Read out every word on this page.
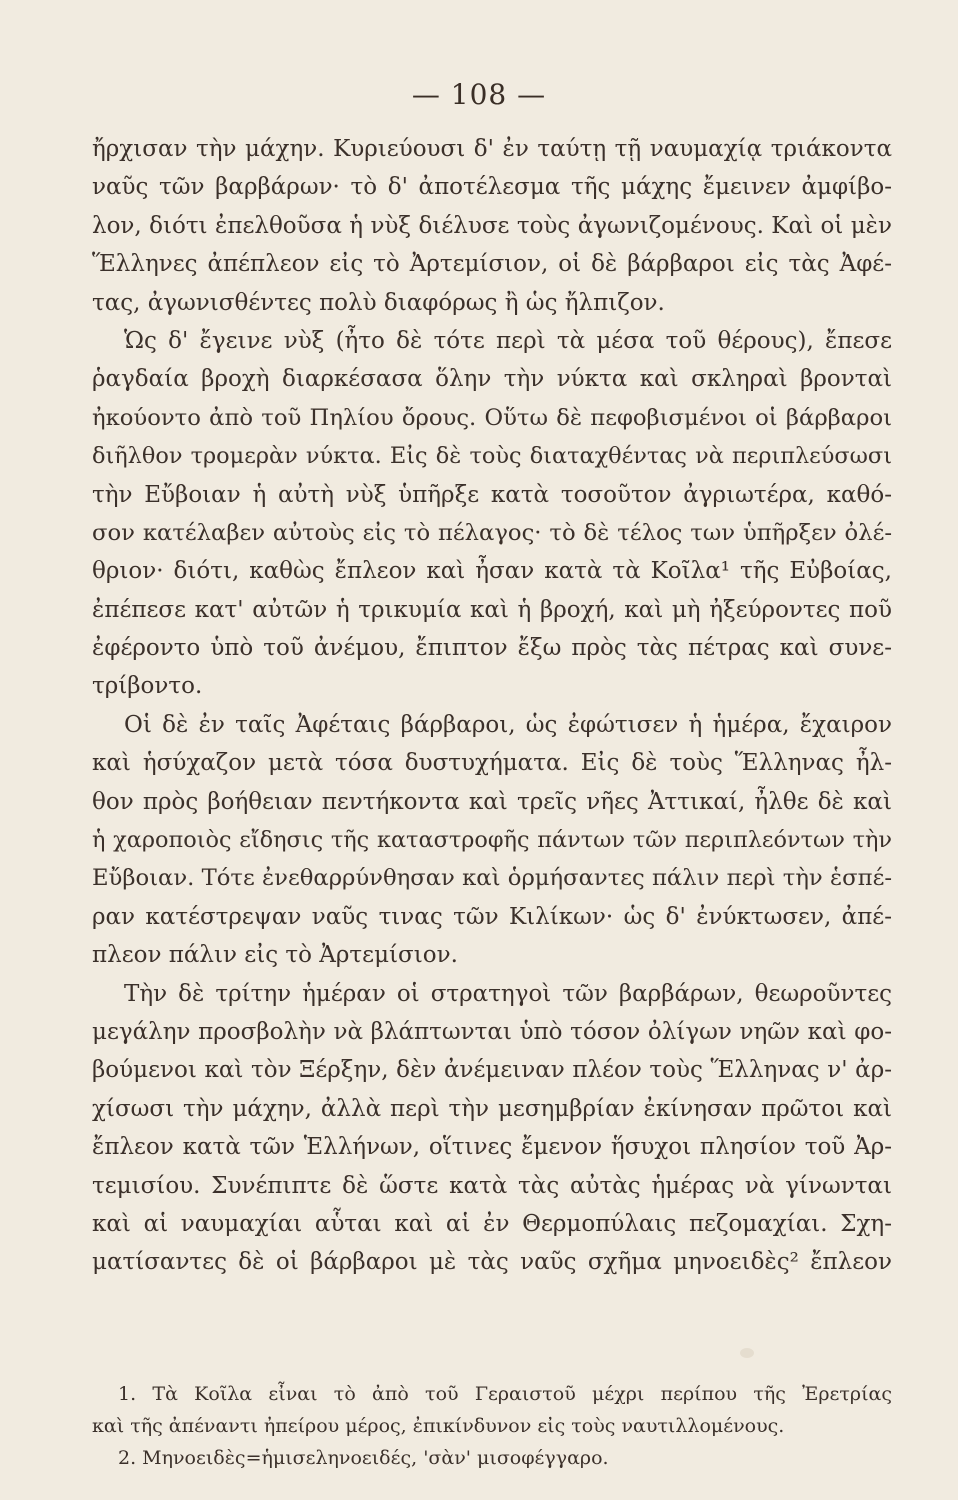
— 108 —
ἤρχισαν τὴν μάχην. Κυριεύουσι δ' ἐν ταύτῃ τῇ ναυμαχίᾳ τριάκοντα
ναῦς τῶν βαρβάρων· τὸ δ' ἀποτέλεσμα τῆς μάχης ἔμεινεν ἀμφίβο-
λον, διότι ἐπελθοῦσα ἡ νὺξ διέλυσε τοὺς ἀγωνιζομένους. Καὶ οἱ μὲν
Ἕλληνες ἀπέπλεον εἰς τὸ Ἀρτεμίσιον, οἱ δὲ βάρβαροι εἰς τὰς Ἀφέ-
τας, ἀγωνισθέντες πολὺ διαφόρως ἢ ὡς ἤλπιζον.
Ὡς δ' ἔγεινε νὺξ (ἦτο δὲ τότε περὶ τὰ μέσα τοῦ θέρους), ἔπεσε
ῥαγδαία βροχὴ διαρκέσασα ὅλην τὴν νύκτα καὶ σκληραὶ βρονταὶ
ἠκούοντο ἀπὸ τοῦ Πηλίου ὄρους. Οὕτω δὲ πεφοβισμένοι οἱ βάρβαροι
διῆλθον τρομερὰν νύκτα. Εἰς δὲ τοὺς διαταχθέντας νὰ περιπλεύσωσι
τὴν Εὔβοιαν ἡ αὐτὴ νὺξ ὑπῆρξε κατὰ τοσοῦτον ἀγριωτέρα, καθό-
σον κατέλαβεν αὐτοὺς εἰς τὸ πέλαγος· τὸ δὲ τέλος των ὑπῆρξεν ὀλέ-
θριον· διότι, καθὼς ἔπλεον καὶ ἦσαν κατὰ τὰ Κοῖλα¹ τῆς Εὐβοίας,
ἐπέπεσε κατ' αὐτῶν ἡ τρικυμία καὶ ἡ βροχή, καὶ μὴ ἠξεύροντες ποῦ
ἐφέροντο ὑπὸ τοῦ ἀνέμου, ἔπιπτον ἔξω πρὸς τὰς πέτρας καὶ συνε-
τρίβοντο.
Οἱ δὲ ἐν ταῖς Ἀφέταις βάρβαροι, ὡς ἐφώτισεν ἡ ἡμέρα, ἔχαιρον
καὶ ἡσύχαζον μετὰ τόσα δυστυχήματα. Εἰς δὲ τοὺς Ἕλληνας ἦλ-
θον πρὸς βοήθειαν πεντήκοντα καὶ τρεῖς νῆες Ἀττικαί, ἦλθε δὲ καὶ
ἡ χαροποιὸς εἴδησις τῆς καταστροφῆς πάντων τῶν περιπλεόντων τὴν
Εὔβοιαν. Τότε ἐνεθαρρύνθησαν καὶ ὁρμήσαντες πάλιν περὶ τὴν ἑσπέ-
ραν κατέστρεψαν ναῦς τινας τῶν Κιλίκων· ὡς δ' ἐνύκτωσεν, ἀπέ-
πλεον πάλιν εἰς τὸ Ἀρτεμίσιον.
Τὴν δὲ τρίτην ἡμέραν οἱ στρατηγοὶ τῶν βαρβάρων, θεωροῦντες
μεγάλην προσβολὴν νὰ βλάπτωνται ὑπὸ τόσον ὀλίγων νηῶν καὶ φο-
βούμενοι καὶ τὸν Ξέρξην, δὲν ἀνέμειναν πλέον τοὺς Ἕλληνας ν' ἀρ-
χίσωσι τὴν μάχην, ἀλλὰ περὶ τὴν μεσημβρίαν ἐκίνησαν πρῶτοι καὶ
ἔπλεον κατὰ τῶν Ἑλλήνων, οἵτινες ἔμενον ἥσυχοι πλησίον τοῦ Ἀρ-
τεμισίου. Συνέπιπτε δὲ ὥστε κατὰ τὰς αὐτὰς ἡμέρας νὰ γίνωνται
καὶ αἱ ναυμαχίαι αὗται καὶ αἱ ἐν Θερμοπύλαις πεζομαχίαι. Σχη-
ματίσαντες δὲ οἱ βάρβαροι μὲ τὰς ναῦς σχῆμα μηνοειδὲς² ἔπλεον
1. Τὰ Κοῖλα εἶναι τὸ ἀπὸ τοῦ Γεραιστοῦ μέχρι περίπου τῆς Ἐρετρίας
καὶ τῆς ἀπέναντι ἠπείρου μέρος, ἐπικίνδυνον εἰς τοὺς ναυτιλλομένους.
2. Μηνοειδὲς=ἡμισεληνοειδές, 'σὰν' μισοφέγγαρο.
